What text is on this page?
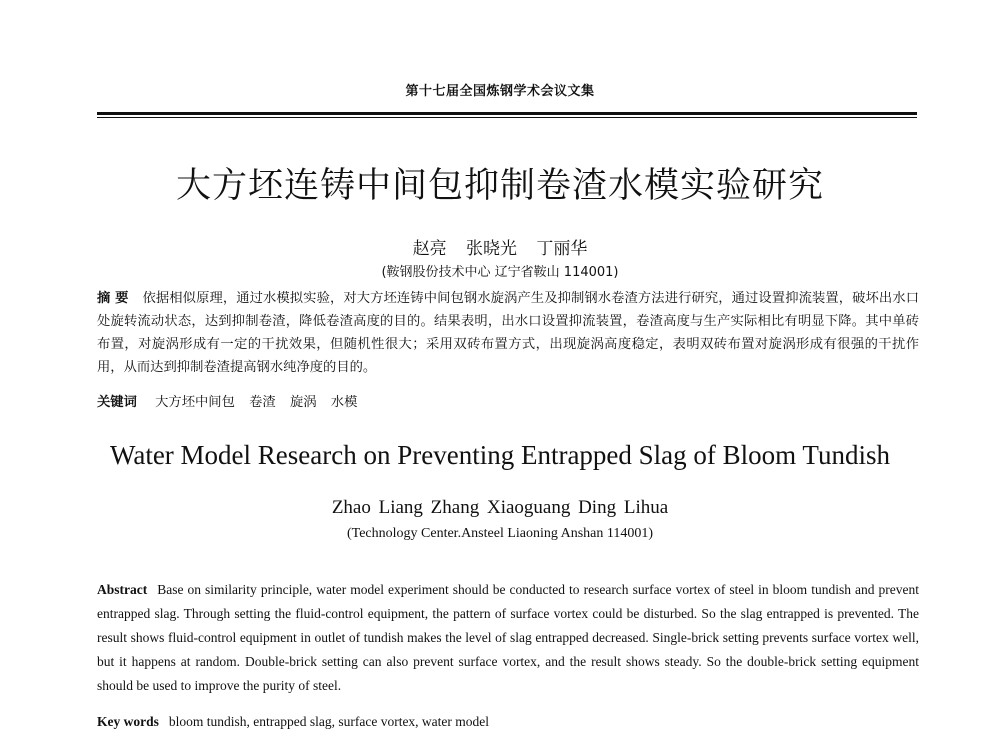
第十七届全国炼钢学术会议文集
大方坯连铸中间包抑制卷渣水模实验研究
赵亮 张晓光 丁丽华
(鞍钢股份技术中心 辽宁省鞍山 114001)
摘 要 依据相似原理，通过水模拟实验，对大方坯连铸中间包钢水旋涡产生及抑制钢水卷渣方法进行研究，通过设置抑流装置，破坏出水口处旋转流动状态，达到抑制卷渣，降低卷渣高度的目的。结果表明，出水口设置抑流装置，卷渣高度与生产实际相比有明显下降。其中单砖布置，对旋涡形成有一定的干扰效果，但随机性很大；采用双砖布置方式，出现旋涡高度稳定，表明双砖布置对旋涡形成有很强的干扰作用，从而达到抑制卷渣提高钢水纯净度的目的。
关键词 大方坯中间包 卷渣 旋涡 水模
Water Model Research on Preventing Entrapped Slag of Bloom Tundish
Zhao Liang Zhang Xiaoguang Ding Lihua
(Technology Center.Ansteel Liaoning Anshan 114001)
Abstract Base on similarity principle, water model experiment should be conducted to research surface vortex of steel in bloom tundish and prevent entrapped slag. Through setting the fluid-control equipment, the pattern of surface vortex could be disturbed. So the slag entrapped is prevented. The result shows fluid-control equipment in outlet of tundish makes the level of slag entrapped decreased. Single-brick setting prevents surface vortex well, but it happens at random. Double-brick setting can also prevent surface vortex, and the result shows steady. So the double-brick setting equipment should be used to improve the purity of steel.
Key words bloom tundish, entrapped slag, surface vortex, water model
